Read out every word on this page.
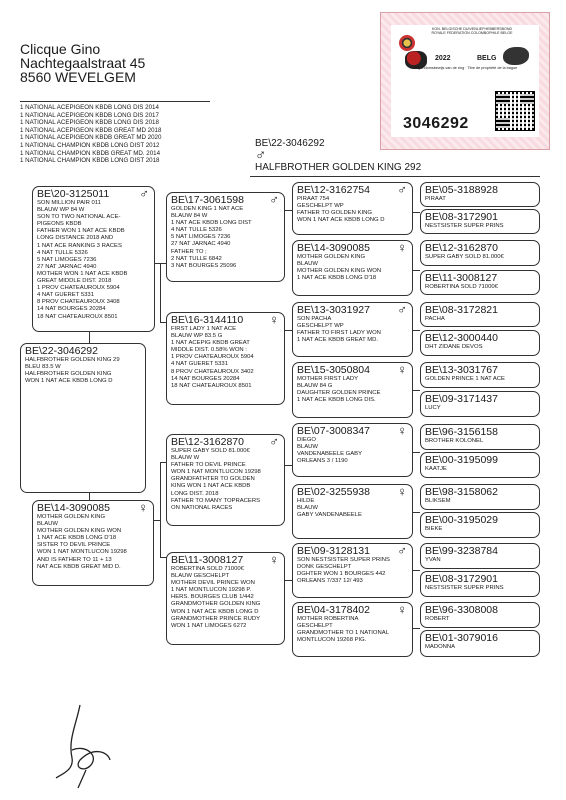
Clicque Gino
Nachtegaalstraat 45
8560 WEVELGEM
1 NATIONAL ACEPIGEON KBDB LONG DIS 2014
1 NATIONAL ACEPIGEON KBDB LONG DIS 2017
1 NATIONAL ACEPIGEON KBDB LONG DIS 2018
1 NATIONAL ACEPIGEON KBDB GREAT MD 2018
1 NATIONAL ACEPIGEON KBDB GREAT MD 2020
1 NATIONAL CHAMPION KBDB LONG DIST 2012
1 NATIONAL CHAMPION KBDB GREAT MD. 2014
1 NATIONAL CHAMPION KBDB LONG DIST 2018
BE\22-3046292
♂
HALFBROTHER GOLDEN KING 292
KON. BELGISCHE DUIVENLIEFHEBBERSBOND
ROYALE FEDERATION COLOMBOPHILE BELGE
2022	BELG
Eigendomsbewijs van de ring · Titre de propriété de la bague
3046292
BE\20-3125011	♂
SON MILLION PAIR 011
BLAUW WP 84 W
SON TO TWO NATIONAL ACE-
PIGEONS KBDB
FATHER WON 1 NAT ACE KBDB
LONG DISTANCE 2018 AND
1 NAT ACE RANKING 3 RACES
4 NAT TULLE 5326
5 NAT LIMOGES 7236
27 NAT JARNAC 4940
MOTHER WON 1 NAT ACE KBDB
GREAT MIDDLE DIST. 2018
1 PROV CHATEAUROUX 5904
4 NAT GUERET 5331
8 PROV CHATEAUROUX 3408
14 NAT BOURGES 20284
18 NAT CHATEAUROUX 8501
BE\22-3046292
HALFBROTHER GOLDEN KING 29
BLEU 83.5 W
HALFBROTHER GOLDEN KING
WON 1 NAT ACE KBDB LONG D
BE\14-3090085	♀
MOTHER GOLDEN KING
BLAUW
MOTHER GOLDEN KING WON
1 NAT ACE KBDB LONG D'18
SISTER TO DEVIL PRINCE
WON 1 NAT MONTLUCON 19298
AND IS FATHER TO 11 + 13
NAT ACE KBDB GREAT MID D.
BE\17-3061598	♂
GOLDEN KING 1 NAT ACE
BLAUW 84 W
1 NAT ACE KBDB LONG DIST
4 NAT TULLE 5326
5 NAT LIMOGES 7236
27 NAT JARNAC 4940
FATHER TO ;
2 NAT TULLE 6842
3 NAT BOURGES 25096
BE\16-3144110	♀
FIRST LADY 1 NAT ACE
BLAUW WP 83.5 G
1 NAT ACEPIG KBDB GREAT
MIDDLE DIST. 0.58% WON :
1 PROV CHATEAUROUX 5904
4 NAT GUERET 5331
8 PROV CHATEAUROUX 3402
14 NAT BOURGES 20284
18 NAT CHATEAUROUX 8501
BE\12-3162870	♂
SUPER GABY SOLD 81.000€
BLAUW W
FATHER TO DEVIL PRINCE
WON 1 NAT MONTLUCON 19298
GRANDFATHTER TO GOLDEN
KING WON 1 NAT ACE KBDB
LONG DIST. 2018
FATHER TO MANY TOPRACERS
ON NATIONAL RACES
BE\11-3008127	♀
ROBERTINA SOLD 71000€
BLAUW GESCHELPT
MOTHER DEVIL PRINCE WON
1 NAT MONTLUCON 19298 P.
HERS. BOURGES CLUB 1/442
GRANDMOTHER GOLDEN KING
WON 1 NAT ACE KBDB LONG D
GRANDMOTHER PRINCE RUDY
WON 1 NAT LIMOGES 6272
BE\12-3162754	♂
PIRAAT 754
GESCHELPT WP
FATHER TO GOLDEN KING
WON 1 NAT ACE KBDB LONG D
BE\14-3090085	♀
MOTHER GOLDEN KING
BLAUW
MOTHER GOLDEN KING WON
1 NAT ACE KBDB LONG D'18
BE\13-3031927	♂
SON PACHA
GESCHELPT WP
FATHER TO FIRST LADY WON
1 NAT ACE KBDB GREAT MD.
BE\15-3050804	♀
MOTHER FIRST LADY
BLAUW 84 G
DAUGHTER GOLDEN PRINCE
1 NAT ACE KBDB LONG DIS.
BE\07-3008347	♀
DIEGO
BLAUW
VANDENABEELE GABY
ORLEANS 3 / 1190
BE\02-3255938	♀
HILDE
BLAUW
GABY VANDENABEELE
BE\09-3128131	♂
SON NESTSISTER SUPER PRINS
DONK GESCHELPT
DGHTER WON 1 BOURGES 442
ORLEANS 7/337 12/ 493
BE\04-3178402	♀
MOTHER ROBERTINA
GESCHELPT
GRANDMOTHER TO 1 NATIONAL
MONTLUCON 19268 PIG.
BE\05-3188928
PIRAAT
BE\08-3172901
NESTSISTER SUPER PRINS
BE\12-3162870
SUPER GABY SOLD 81.000€
BE\11-3008127
ROBERTINA SOLD 71000€
BE\08-3172821
PACHA
BE\12-3000440
DHT ZIDANE DEVOS
BE\13-3031767
GOLDEN PRINCE 1 NAT ACE
BE\09-3171437
LUCY
BE\96-3156158
BROTHER KOLONEL
BE\00-3195099
KAATJE
BE\98-3158062
BLIKSEM
BE\00-3195029
BIEKE
BE\99-3238784
YVAN
BE\08-3172901
NESTSISTER SUPER PRINS
BE\96-3308008
ROBERT
BE\01-3079016
MADONNA
